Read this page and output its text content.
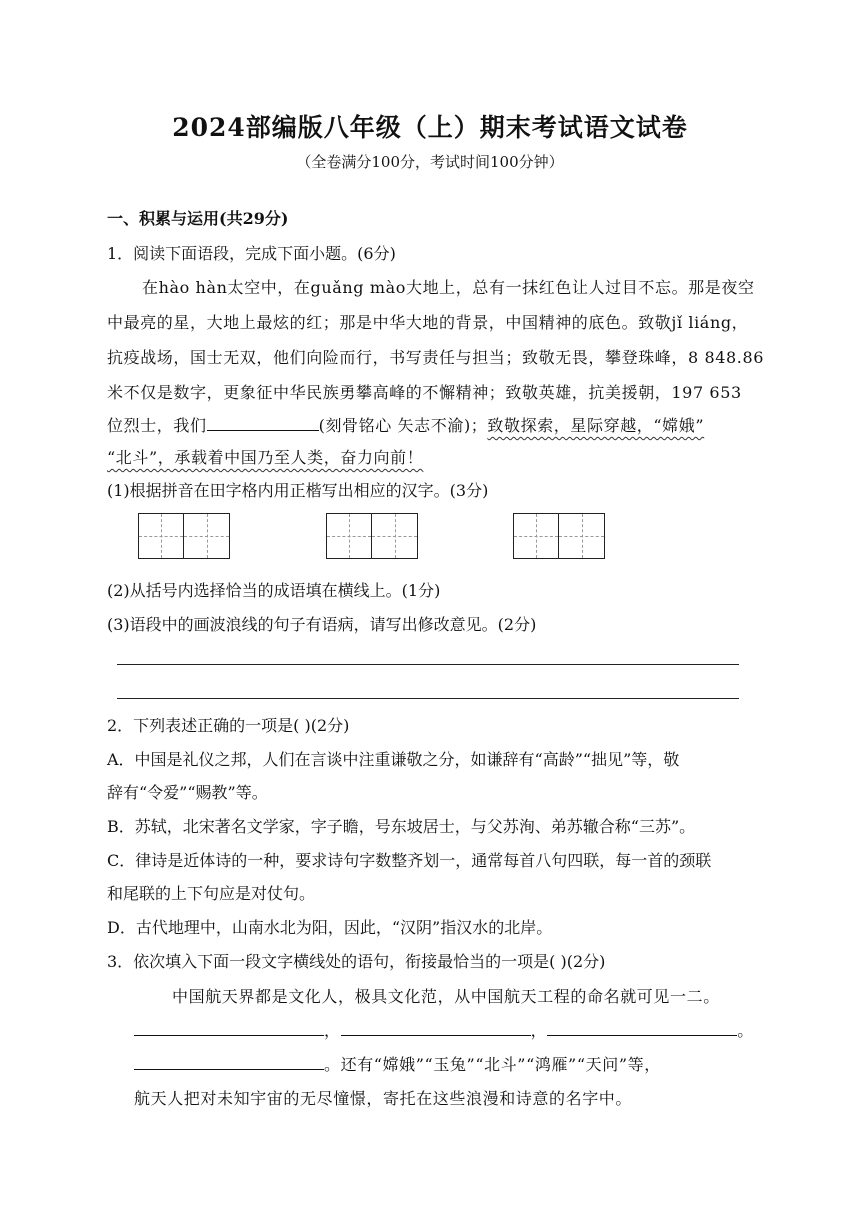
2024部编版八年级（上）期末考试语文试卷
（全卷满分100分，考试时间100分钟）
一、积累与运用(共29分)
1．阅读下面语段，完成下面小题。(6分)
在hào hàn太空中，在guǎng mào大地上，总有一抹红色让人过目不忘。那是夜空
中最亮的星，大地上最炫的红；那是中华大地的背景，中国精神的底色。致敬jǐ liáng，
抗疫战场，国士无双，他们向险而行，书写责任与担当；致敬无畏，攀登珠峰，8 848.86
米不仅是数字，更象征中华民族勇攀高峰的不懈精神；致敬英雄，抗美援朝，197 653
位烈士，我们	(刻骨铭心 矢志不渝)；致敬探索，星际穿越，“嫦娥”
“北斗”，承载着中国乃至人类，奋力向前！
(1)根据拼音在田字格内用正楷写出相应的汉字。(3分)
(2)从括号内选择恰当的成语填在横线上。(1分)
(3)语段中的画波浪线的句子有语病，请写出修改意见。(2分)
2．下列表述正确的一项是( )(2分)
A．中国是礼仪之邦，人们在言谈中注重谦敬之分，如谦辞有“高龄”“拙见”等，敬
辞有“令爱”“赐教”等。
B．苏轼，北宋著名文学家，字子瞻，号东坡居士，与父苏洵、弟苏辙合称“三苏”。
C．律诗是近体诗的一种，要求诗句字数整齐划一，通常每首八句四联，每一首的颈联
和尾联的上下句应是对仗句。
D．古代地理中，山南水北为阳，因此，“汉阴”指汉水的北岸。
3．依次填入下面一段文字横线处的语句，衔接最恰当的一项是( )(2分)
中国航天界都是文化人，极具文化范，从中国航天工程的命名就可见一二。
，	，	。
。还有“嫦娥”“玉兔”“北斗”“鸿雁”“天问”等，
航天人把对未知宇宙的无尽憧憬，寄托在这些浪漫和诗意的名字中。
